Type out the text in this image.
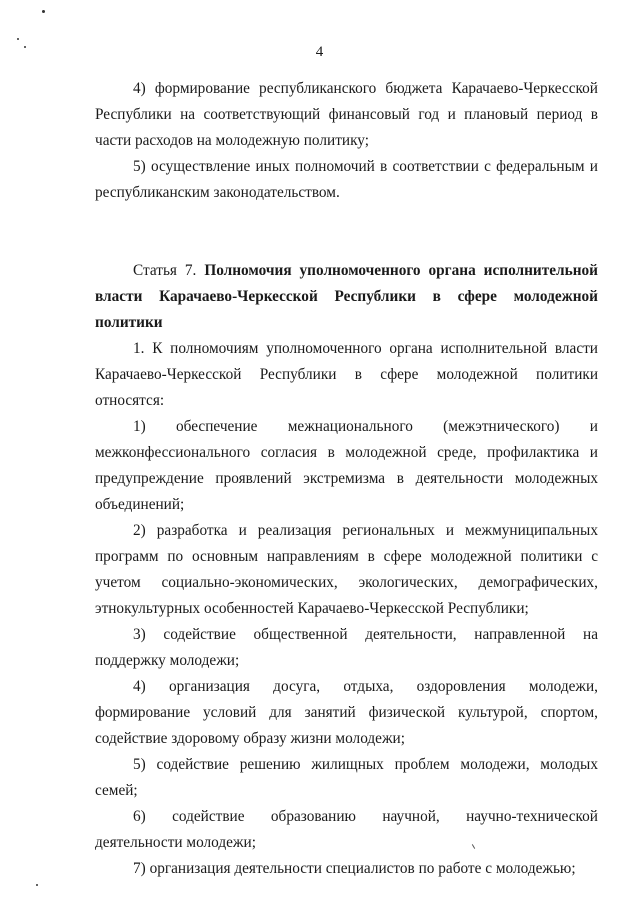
4

4) формирование республиканского бюджета Карачаево-Черкесской Республики на соответствующий финансовый год и плановый период в части расходов на молодежную политику;

5) осуществление иных полномочий в соответствии с федеральным и республиканским законодательством.

Статья 7. Полномочия уполномоченного органа исполнительной власти Карачаево-Черкесской Республики в сфере молодежной политики

1. К полномочиям уполномоченного органа исполнительной власти Карачаево-Черкесской Республики в сфере молодежной политики относятся:

1) обеспечение межнационального (межэтнического) и межконфессионального согласия в молодежной среде, профилактика и предупреждение проявлений экстремизма в деятельности молодежных объединений;

2) разработка и реализация региональных и межмуниципальных программ по основным направлениям в сфере молодежной политики с учетом социально-экономических, экологических, демографических, этнокультурных особенностей Карачаево-Черкесской Республики;

3) содействие общественной деятельности, направленной на поддержку молодежи;

4) организация досуга, отдыха, оздоровления молодежи, формирование условий для занятий физической культурой, спортом, содействие здоровому образу жизни молодежи;

5) содействие решению жилищных проблем молодежи, молодых семей;

6) содействие образованию научной, научно-технической деятельности молодежи;

7) организация деятельности специалистов по работе с молодежью;
